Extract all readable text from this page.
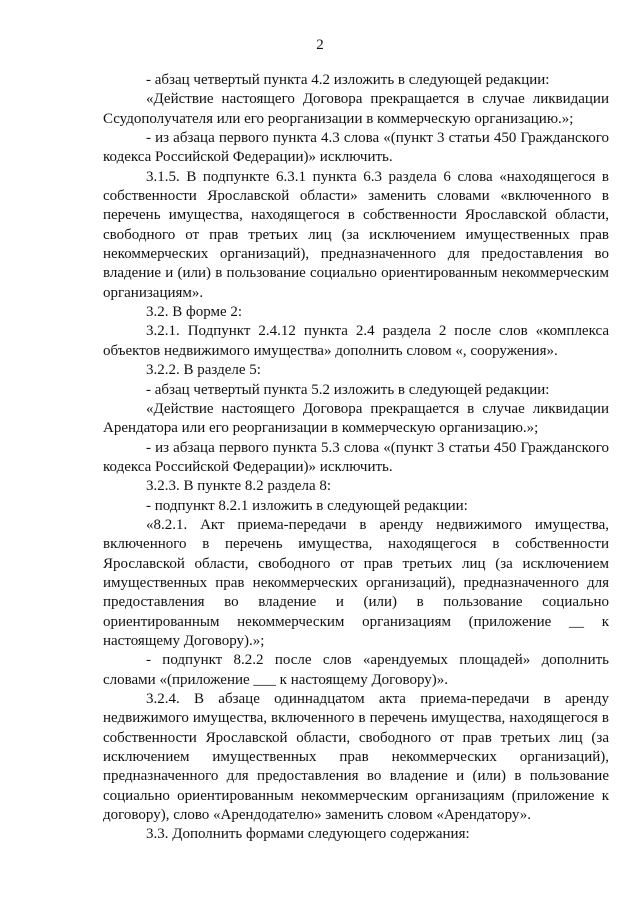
2

- абзац четвертый пункта 4.2 изложить в следующей редакции:

«Действие настоящего Договора прекращается в случае ликвидации Ссудополучателя или его реорганизации в коммерческую организацию.»;

- из абзаца первого пункта 4.3 слова «(пункт 3 статьи 450 Гражданского кодекса Российской Федерации)» исключить.

3.1.5. В подпункте 6.3.1 пункта 6.3 раздела 6 слова «находящегося в собственности Ярославской области» заменить словами «включенного в перечень имущества, находящегося в собственности Ярославской области, свободного от прав третьих лиц (за исключением имущественных прав некоммерческих организаций), предназначенного для предоставления во владение и (или) в пользование социально ориентированным некоммерческим организациям».

3.2. В форме 2:

3.2.1. Подпункт 2.4.12 пункта 2.4 раздела 2 после слов «комплекса объектов недвижимого имущества» дополнить словом «, сооружения».

3.2.2. В разделе 5:

- абзац четвертый пункта 5.2 изложить в следующей редакции:

«Действие настоящего Договора прекращается в случае ликвидации Арендатора или его реорганизации в коммерческую организацию.»;

- из абзаца первого пункта 5.3 слова «(пункт 3 статьи 450 Гражданского кодекса Российской Федерации)» исключить.

3.2.3. В пункте 8.2 раздела 8:

- подпункт 8.2.1 изложить в следующей редакции:

«8.2.1. Акт приема-передачи в аренду недвижимого имущества, включенного в перечень имущества, находящегося в собственности Ярославской области, свободного от прав третьих лиц (за исключением имущественных прав некоммерческих организаций), предназначенного для предоставления во владение и (или) в пользование социально ориентированным некоммерческим организациям (приложение __ к настоящему Договору).»;

- подпункт 8.2.2 после слов «арендуемых площадей» дополнить словами «(приложение ___ к настоящему Договору)».

3.2.4. В абзаце одиннадцатом акта приема-передачи в аренду недвижимого имущества, включенного в перечень имущества, находящегося в собственности Ярославской области, свободного от прав третьих лиц (за исключением имущественных прав некоммерческих организаций), предназначенного для предоставления во владение и (или) в пользование социально ориентированным некоммерческим организациям (приложение к договору), слово «Арендодателю» заменить словом «Арендатору».

3.3. Дополнить формами следующего содержания:
